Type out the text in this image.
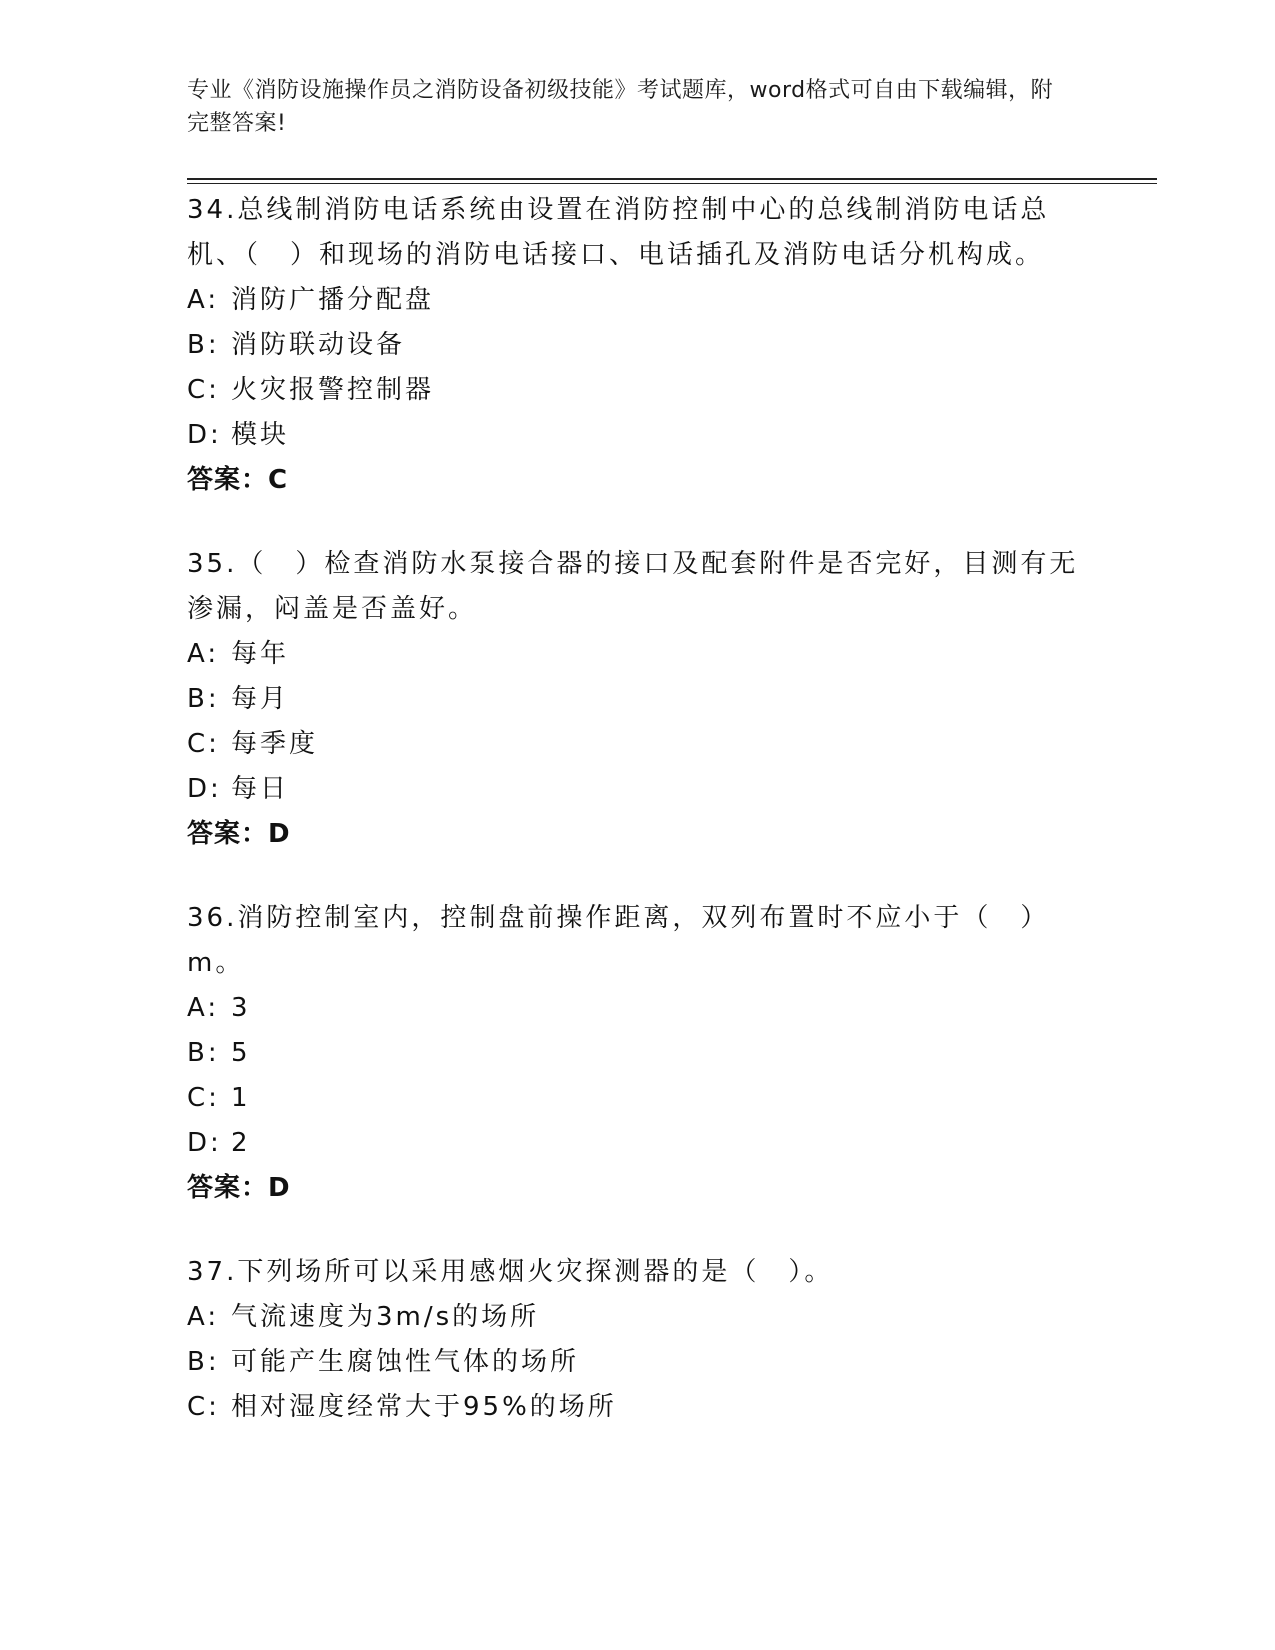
专业《消防设施操作员之消防设备初级技能》考试题库，word格式可自由下载编辑，附完整答案!

34.总线制消防电话系统由设置在消防控制中心的总线制消防电话总机、（　）和现场的消防电话接口、电话插孔及消防电话分机构成。

A: 消防广播分配盘

B: 消防联动设备

C: 火灾报警控制器

D: 模块

答案：C

35.（　）检查消防水泵接合器的接口及配套附件是否完好，目测有无渗漏，闷盖是否盖好。

A: 每年

B: 每月

C: 每季度

D: 每日

答案：D

36.消防控制室内，控制盘前操作距离，双列布置时不应小于（　）m。

A: 3

B: 5

C: 1

D: 2

答案：D

37.下列场所可以采用感烟火灾探测器的是（　）。

A: 气流速度为3m/s的场所

B: 可能产生腐蚀性气体的场所

C: 相对湿度经常大于95%的场所
